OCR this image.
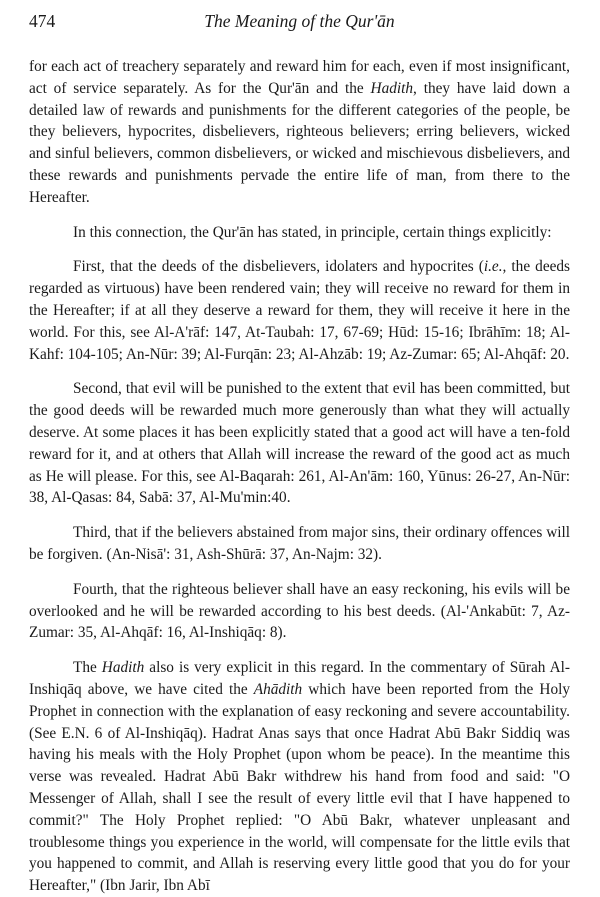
474	The Meaning of the Qur'ān

for each act of treachery separately and reward him for each, even if most insignificant, act of service separately. As for the Qur'ān and the Hadith, they have laid down a detailed law of rewards and punishments for the different categories of the people, be they believers, hypocrites, disbelievers, righteous believers; erring believers, wicked and sinful believers, common disbelievers, or wicked and mischievous disbelievers, and these rewards and punishments pervade the entire life of man, from there to the Hereafter.

In this connection, the Qur'ān has stated, in principle, certain things explicitly:

First, that the deeds of the disbelievers, idolaters and hypocrites (i.e., the deeds regarded as virtuous) have been rendered vain; they will receive no reward for them in the Hereafter; if at all they deserve a reward for them, they will receive it here in the world. For this, see Al-A'rāf: 147, At-Taubah: 17, 67-69; Hūd: 15-16; Ibrāhīm: 18; Al-Kahf: 104-105; An-Nūr: 39; Al-Furqān: 23; Al-Ahzāb: 19; Az-Zumar: 65; Al-Ahqāf: 20.

Second, that evil will be punished to the extent that evil has been committed, but the good deeds will be rewarded much more generously than what they will actually deserve. At some places it has been explicitly stated that a good act will have a ten-fold reward for it, and at others that Allah will increase the reward of the good act as much as He will please. For this, see Al-Baqarah: 261, Al-An'ām: 160, Yūnus: 26-27, An-Nūr: 38, Al-Qasas: 84, Sabā: 37, Al-Mu'min:40.

Third, that if the believers abstained from major sins, their ordinary offences will be forgiven. (An-Nisā': 31, Ash-Shūrā: 37, An-Najm: 32).

Fourth, that the righteous believer shall have an easy reckoning, his evils will be overlooked and he will be rewarded according to his best deeds. (Al-'Ankabūt: 7, Az-Zumar: 35, Al-Ahqāf: 16, Al-Inshiqāq: 8).

The Hadith also is very explicit in this regard. In the commentary of Sūrah Al-Inshiqāq above, we have cited the Ahādith which have been reported from the Holy Prophet in connection with the explanation of easy reckoning and severe accountability. (See E.N. 6 of Al-Inshiqāq). Hadrat Anas says that once Hadrat Abū Bakr Siddiq was having his meals with the Holy Prophet (upon whom be peace). In the meantime this verse was revealed. Hadrat Abū Bakr withdrew his hand from food and said: "O Messenger of Allah, shall I see the result of every little evil that I have happened to commit?" The Holy Prophet replied: "O Abū Bakr, whatever unpleasant and troublesome things you experience in the world, will compensate for the little evils that you happened to commit, and Allah is reserving every little good that you do for your Hereafter," (Ibn Jarir, Ibn Abī
